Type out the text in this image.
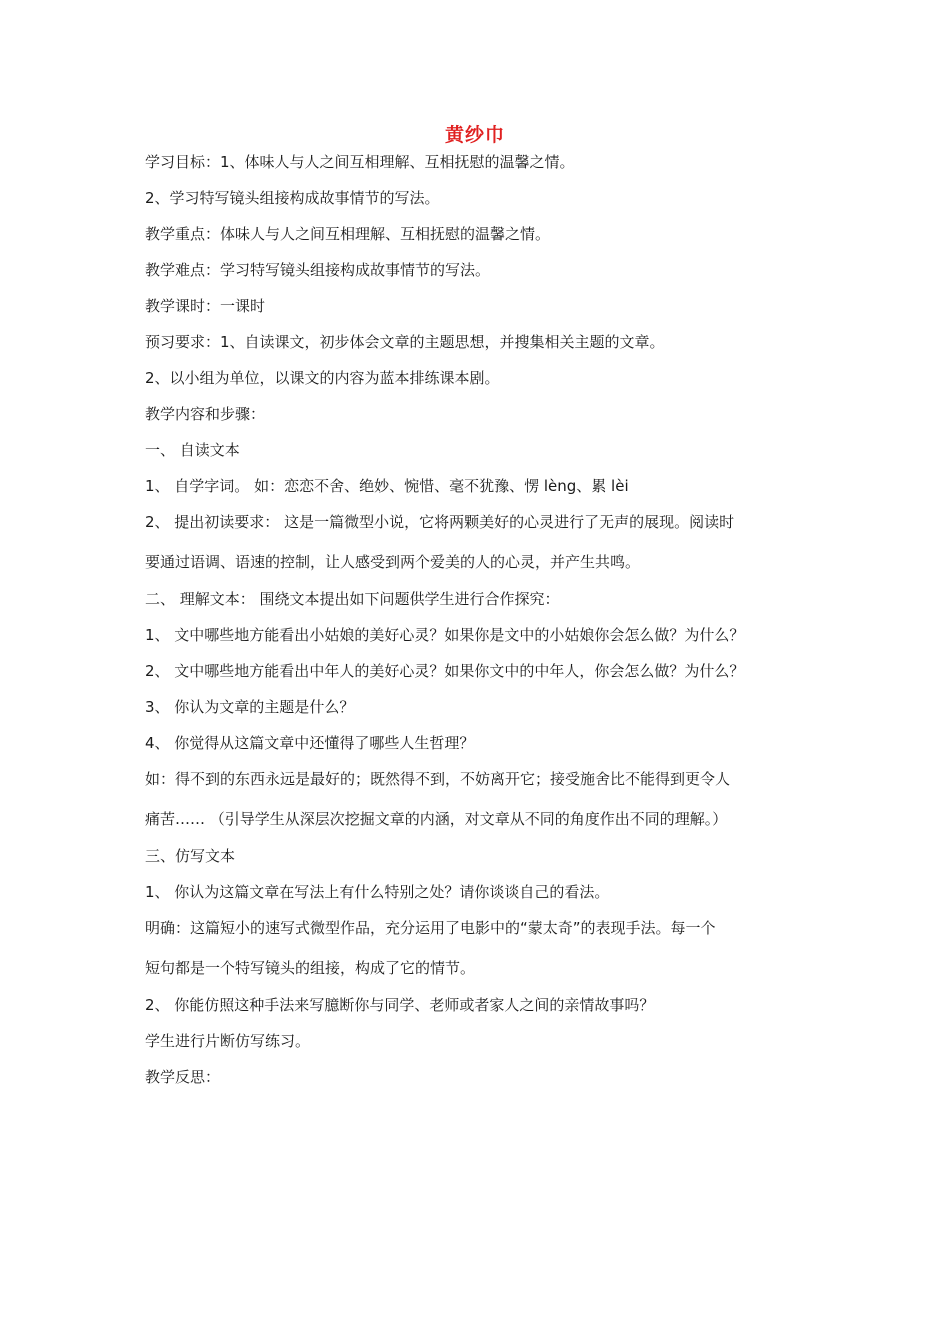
黄纱巾
学习目标：1、体味人与人之间互相理解、互相抚慰的温馨之情。
2、学习特写镜头组接构成故事情节的写法。
教学重点：体味人与人之间互相理解、互相抚慰的温馨之情。
教学难点：学习特写镜头组接构成故事情节的写法。
教学课时：一课时
预习要求：1、自读课文，初步体会文章的主题思想，并搜集相关主题的文章。
2、以小组为单位，以课文的内容为蓝本排练课本剧。
教学内容和步骤：
一、 自读文本
1、 自学字词。 如：恋恋不舍、绝妙、惋惜、毫不犹豫、愣 lèng、累 lèi
2、 提出初读要求： 这是一篇微型小说，它将两颗美好的心灵进行了无声的展现。阅读时
要通过语调、语速的控制，让人感受到两个爱美的人的心灵，并产生共鸣。
二、 理解文本： 围绕文本提出如下问题供学生进行合作探究：
1、 文中哪些地方能看出小姑娘的美好心灵？如果你是文中的小姑娘你会怎么做？为什么？
2、 文中哪些地方能看出中年人的美好心灵？如果你文中的中年人，你会怎么做？为什么？
3、 你认为文章的主题是什么？
4、 你觉得从这篇文章中还懂得了哪些人生哲理？
如：得不到的东西永远是最好的；既然得不到，不妨离开它；接受施舍比不能得到更令人
痛苦…… （引导学生从深层次挖掘文章的内涵，对文章从不同的角度作出不同的理解。）
三、仿写文本
1、 你认为这篇文章在写法上有什么特别之处？请你谈谈自己的看法。
明确：这篇短小的速写式微型作品，充分运用了电影中的“蒙太奇”的表现手法。每一个
短句都是一个特写镜头的组接，构成了它的情节。
2、 你能仿照这种手法来写臆断你与同学、老师或者家人之间的亲情故事吗？
学生进行片断仿写练习。
教学反思：
